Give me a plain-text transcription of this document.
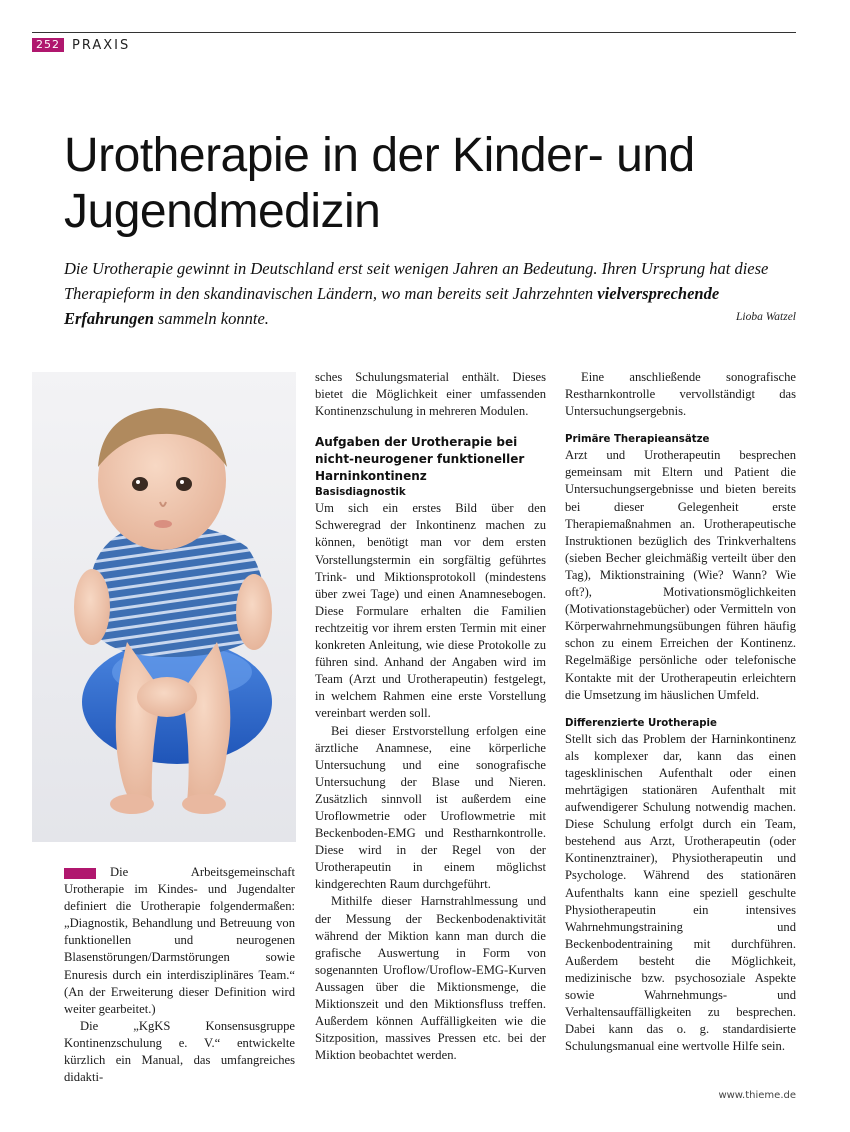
252 PRAXIS
Urotherapie in der Kinder- und Jugendmedizin

Die Urotherapie gewinnt in Deutschland erst seit wenigen Jahren an Bedeutung. Ihren Ursprung hat diese Therapieform in den skandinavischen Ländern, wo man bereits seit Jahrzehnten vielversprechende Erfahrungen sammeln konnte.	Lioba Watzel

Die Arbeitsgemeinschaft Urotherapie im Kindes- und Jugendalter definiert die Urotherapie folgendermaßen: „Diagnostik, Behandlung und Betreuung von funktionellen und neurogenen Blasenstörungen/Darmstörungen sowie Enuresis durch ein interdisziplinäres Team.“ (An der Erweiterung dieser Definition wird weiter gearbeitet.)

Die „KgKS Konsensusgruppe Kontinenzschulung e. V.“ entwickelte kürzlich ein Manual, das umfangreiches didakti-

sches Schulungsmaterial enthält. Dieses bietet die Möglichkeit einer umfassenden Kontinenzschulung in mehreren Modulen.

Aufgaben der Urotherapie bei nicht-neurogener funktioneller Harninkontinenz
Basisdiagnostik

Um sich ein erstes Bild über den Schweregrad der Inkontinenz machen zu können, benötigt man vor dem ersten Vorstellungstermin ein sorgfältig geführtes Trink- und Miktionsprotokoll (mindestens über zwei Tage) und einen Anamnesebogen. Diese Formulare erhalten die Familien rechtzeitig vor ihrem ersten Termin mit einer konkreten Anleitung, wie diese Protokolle zu führen sind. Anhand der Angaben wird im Team (Arzt und Urotherapeutin) festgelegt, in welchem Rahmen eine erste Vorstellung vereinbart werden soll.

Bei dieser Erstvorstellung erfolgen eine ärztliche Anamnese, eine körperliche Untersuchung und eine sonografische Untersuchung der Blase und Nieren. Zusätzlich sinnvoll ist außerdem eine Uroflowmetrie oder Uroflowmetrie mit Beckenboden-EMG und Restharnkontrolle. Diese wird in der Regel von der Urotherapeutin in einem möglichst kindgerechten Raum durchgeführt.

Mithilfe dieser Harnstrahlmessung und der Messung der Beckenbodenaktivität während der Miktion kann man durch die grafische Auswertung in Form von sogenannten Uroflow/Uroflow-EMG-Kurven Aussagen über die Miktionsmenge, die Miktionszeit und den Miktionsfluss treffen. Außerdem können Auffälligkeiten wie die Sitzposition, massives Pressen etc. bei der Miktion beobachtet werden.

Eine anschließende sonografische Restharnkontrolle vervollständigt das Untersuchungsergebnis.

Primäre Therapieansätze

Arzt und Urotherapeutin besprechen gemeinsam mit Eltern und Patient die Untersuchungsergebnisse und bieten bereits bei dieser Gelegenheit erste Therapiemaßnahmen an. Urotherapeutische Instruktionen bezüglich des Trinkverhaltens (sieben Becher gleichmäßig verteilt über den Tag), Miktionstraining (Wie? Wann? Wie oft?), Motivationsmöglichkeiten (Motivationstagebücher) oder Vermitteln von Körperwahrnehmungsübungen führen häufig schon zu einem Erreichen der Kontinenz. Regelmäßige persönliche oder telefonische Kontakte mit der Urotherapeutin erleichtern die Umsetzung im häuslichen Umfeld.

Differenzierte Urotherapie

Stellt sich das Problem der Harninkontinenz als komplexer dar, kann das einen tagesklinischen Aufenthalt oder einen mehrtägigen stationären Aufenthalt mit aufwendigerer Schulung notwendig machen. Diese Schulung erfolgt durch ein Team, bestehend aus Arzt, Urotherapeutin (oder Kontinenztrainer), Physiotherapeutin und Psychologe. Während des stationären Aufenthalts kann eine speziell geschulte Physiotherapeutin ein intensives Wahrnehmungstraining und Beckenbodentraining mit durchführen. Außerdem besteht die Möglichkeit, medizinische bzw. psychosoziale Aspekte sowie Wahrnehmungs- und Verhaltensauffälligkeiten zu besprechen. Dabei kann das o. g. standardisierte Schulungsmanual eine wertvolle Hilfe sein.

www.thieme.de
